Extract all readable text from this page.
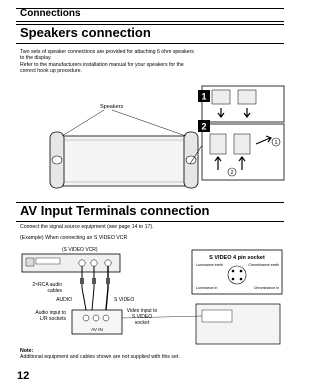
Connections
Speakers connection
Two sets of speaker connections are provided for attaching 6 ohm speakers
to the display.
Refer to the manufacturers installation manual for your speakers for the
correct hook up procedure.
Speakers
1
2
1
2
AV Input Terminals connection
Connect the signal source equipment (see page 14 to 17).
(Example) When connecting an S VIDEO VCR
(S VIDEO VCR)
2×RCA audio
cables
AUDIO	S VIDEO
Audio input to
L/R sockets
Video input to
S VIDEO
socket
AV IN
S VIDEO 4 pin socket
Luminance earth	Chrominance earth
Luminance in	Chrominance in
Note:
Additional equipment and cables shown are not supplied with this set.
12
